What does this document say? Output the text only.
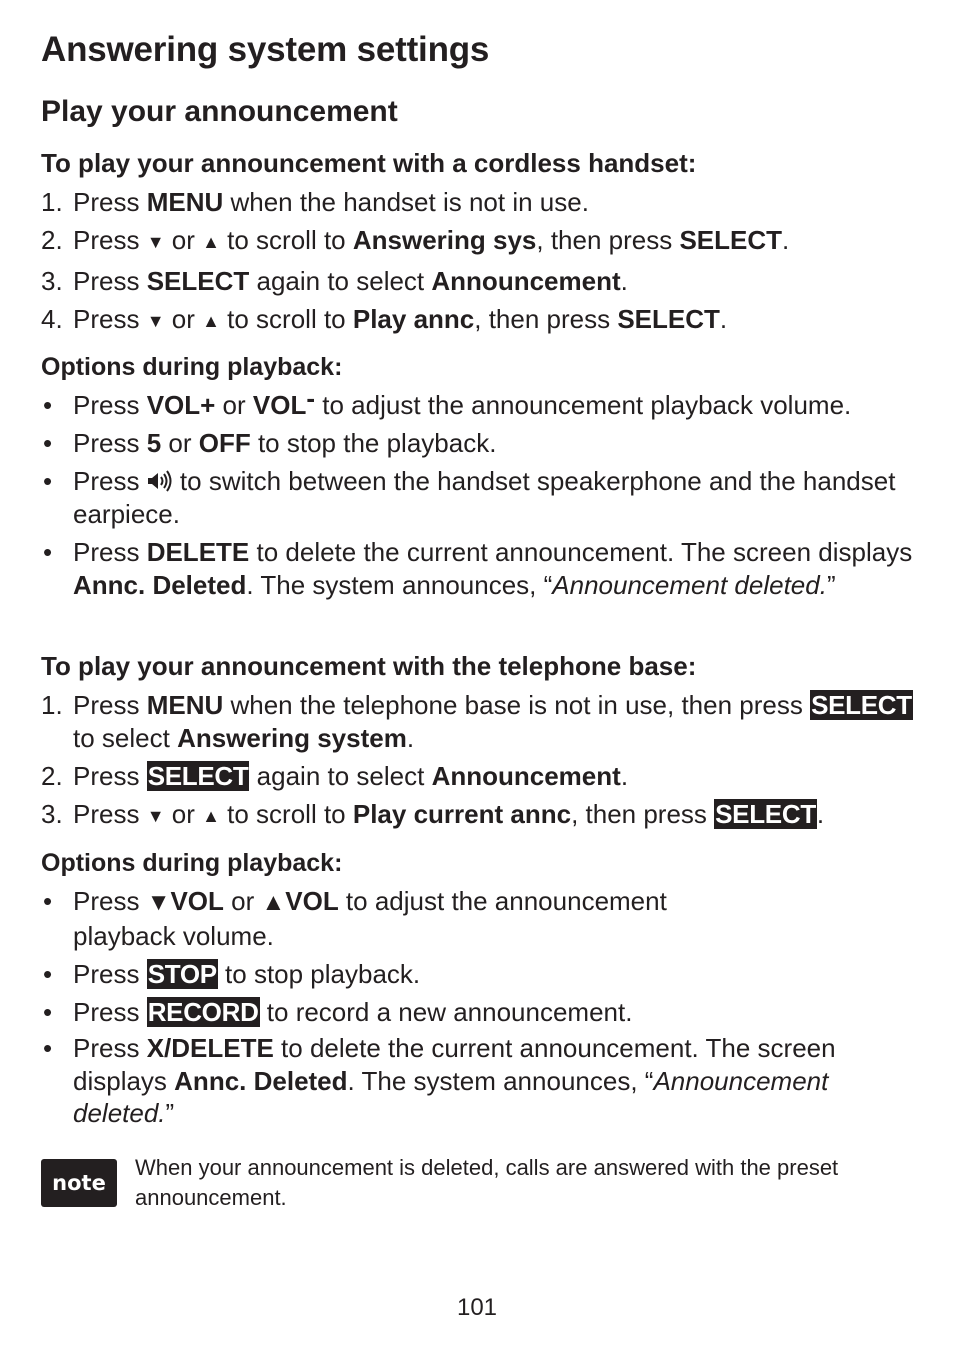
Answering system settings
Play your announcement

To play your announcement with a cordless handset:

1. Press MENU when the handset is not in use.
2. Press ▼ or ▲ to scroll to Answering sys, then press SELECT.
3. Press SELECT again to select Announcement.
4. Press ▼ or ▲ to scroll to Play annc, then press SELECT.

Options during playback:

• Press VOL+ or VOL- to adjust the announcement playback volume.
• Press 5 or OFF to stop the playback.
• Press  to switch between the handset speakerphone and the handset earpiece.
• Press DELETE to delete the current announcement. The screen displays Annc. Deleted. The system announces, “Announcement deleted.”

To play your announcement with the telephone base:

1. Press MENU when the telephone base is not in use, then press SELECT to select Answering system.
2. Press SELECT again to select Announcement.
3. Press ▼ or ▲ to scroll to Play current annc, then press SELECT.

Options during playback:

• Press ▼VOL or ▲VOL to adjust the announcement playback volume.
• Press STOP to stop playback.
• Press RECORD to record a new announcement.
• Press X/DELETE to delete the current announcement. The screen displays Annc. Deleted. The system announces, “Announcement deleted.”
note

When your announcement is deleted, calls are answered with the preset announcement.

101
